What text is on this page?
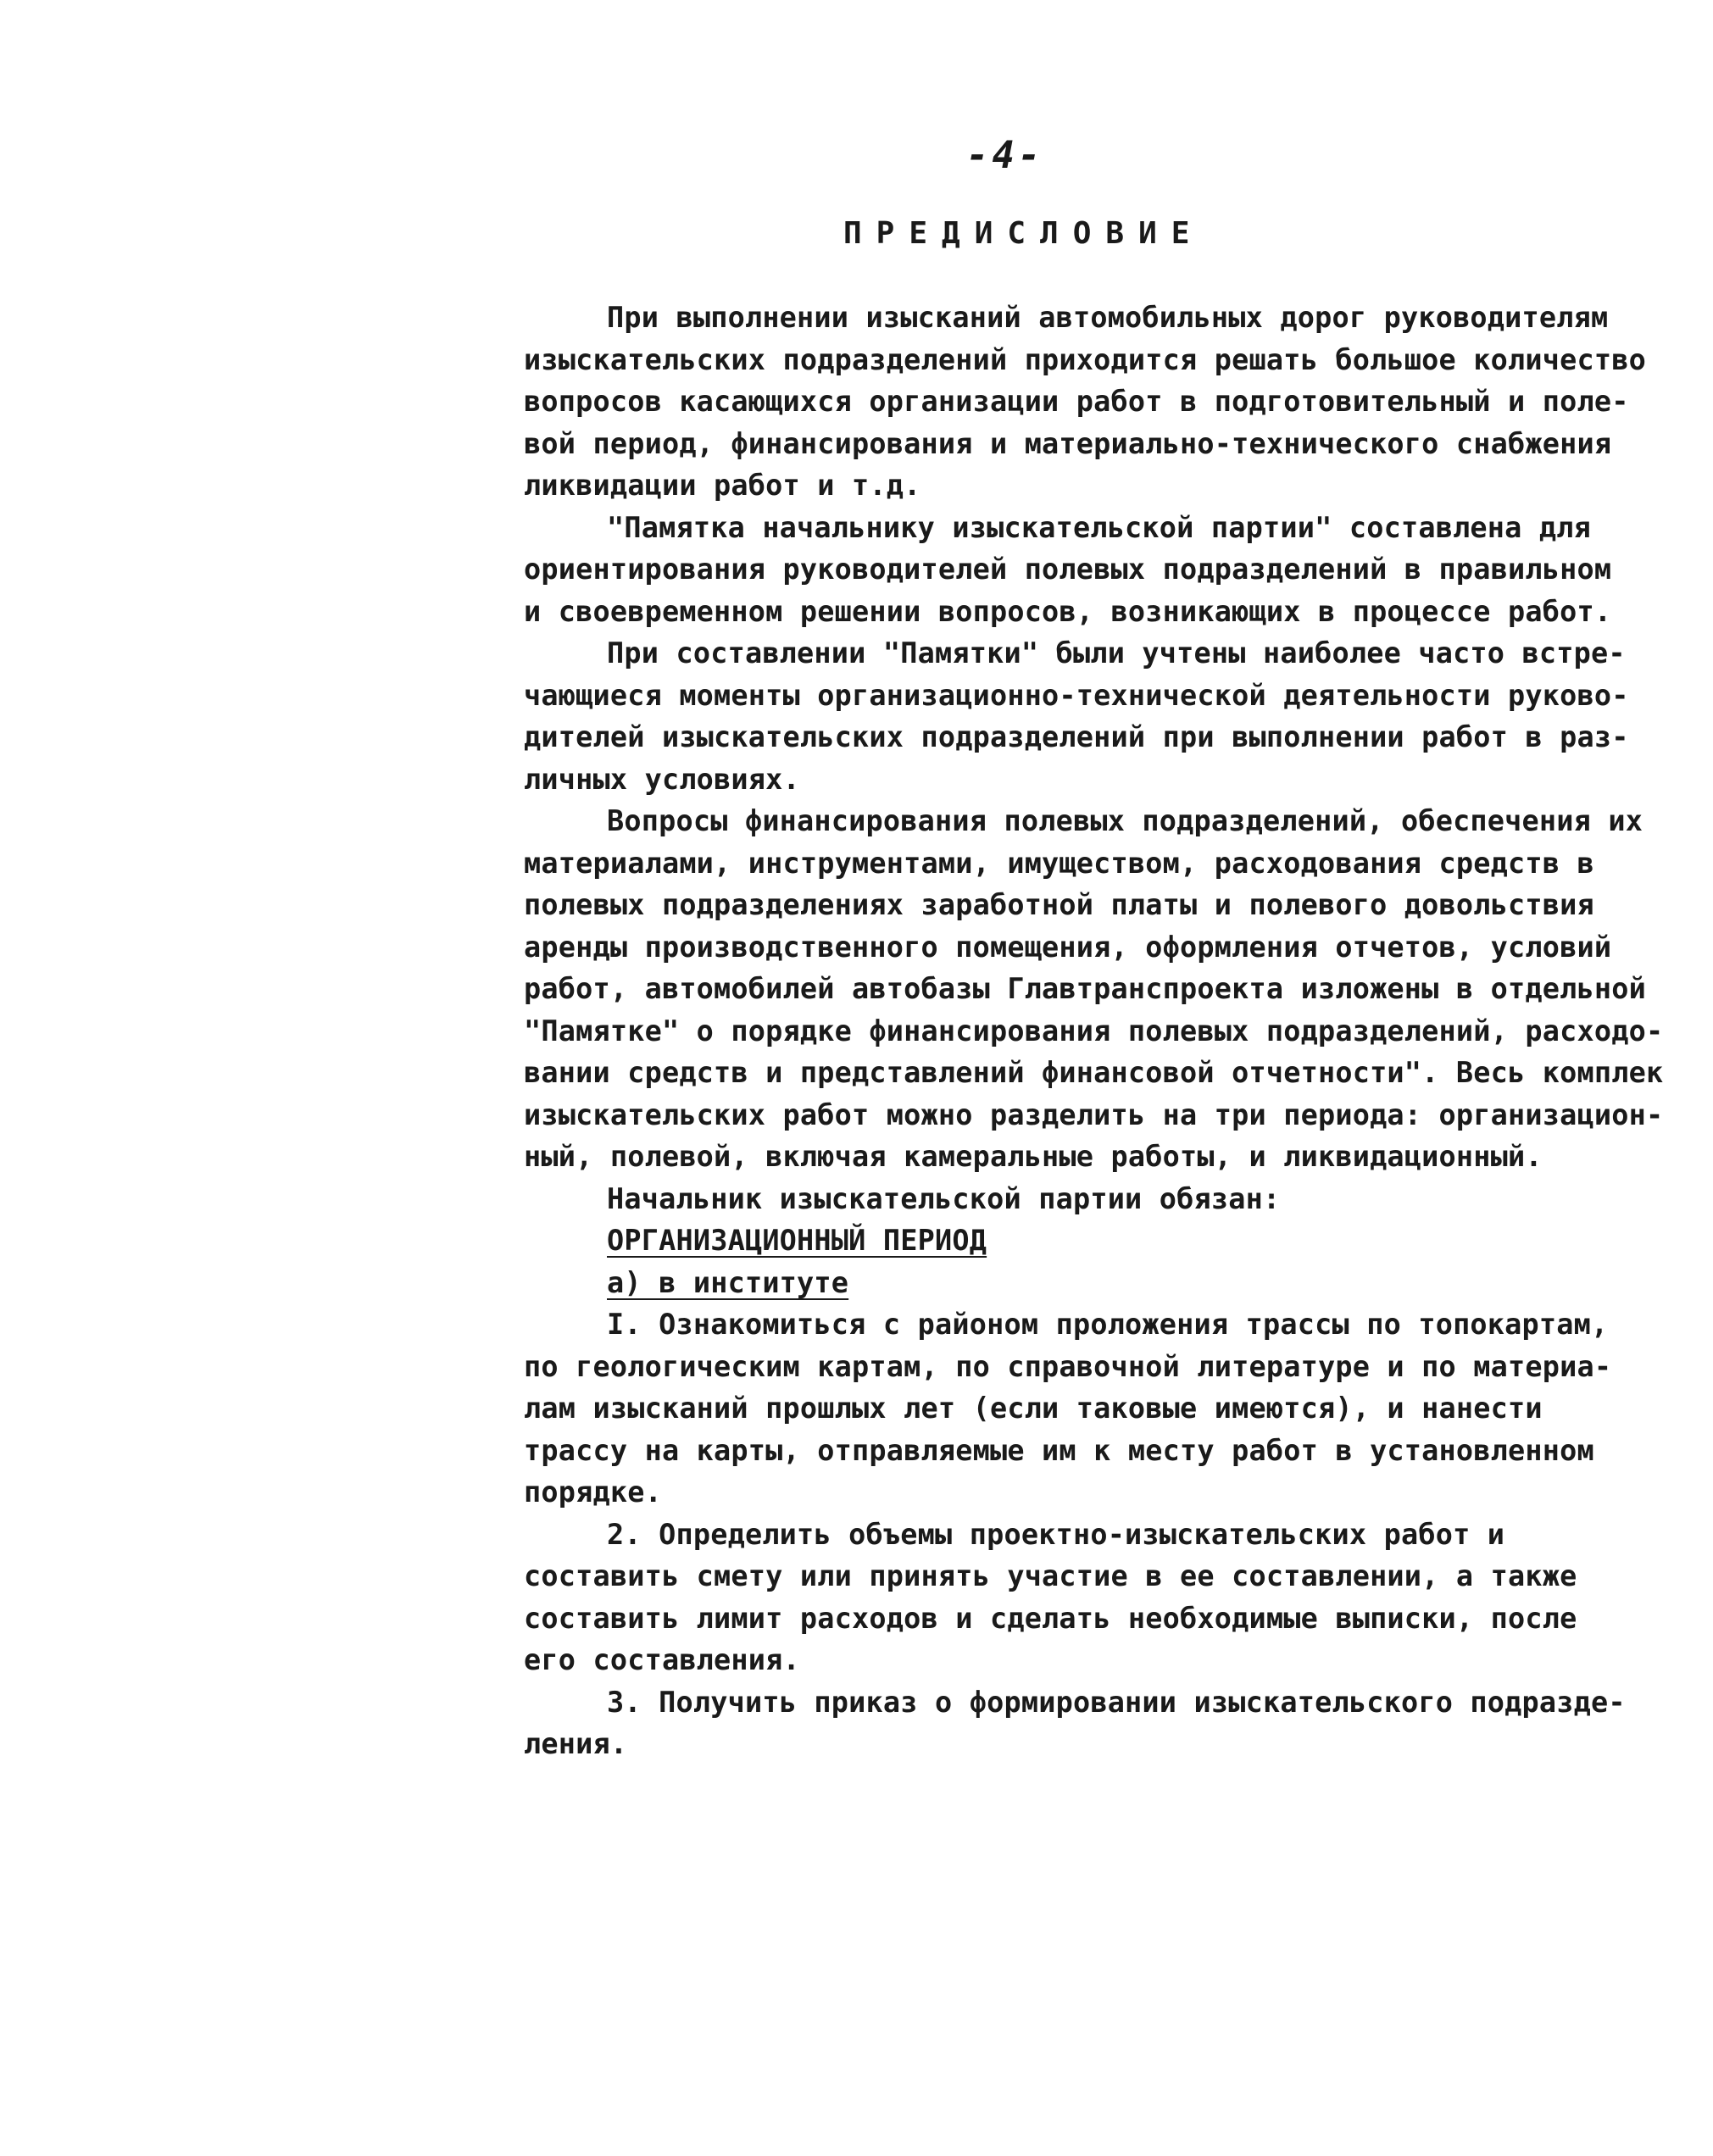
-4-
ПРЕДИСЛОВИЕ
При выполнении изысканий автомобильных дорог руководителям
изыскательских подразделений приходится решать большое количество
вопросов касающихся организации работ в подготовительный и поле-
вой период, финансирования и материально-технического снабжения
ликвидации работ и т.д.
"Памятка начальнику изыскательской партии" составлена для
ориентирования руководителей полевых подразделений в правильном
и своевременном решении вопросов, возникающих в процессе работ.
При составлении "Памятки" были учтены наиболее часто встре-
чающиеся моменты организационно-технической деятельности руково-
дителей изыскательских подразделений при выполнении работ в раз-
личных условиях.
Вопросы финансирования полевых подразделений, обеспечения их
материалами, инструментами, имуществом, расходования средств в
полевых подразделениях заработной платы и полевого довольствия
аренды производственного помещения, оформления отчетов, условий
работ, автомобилей автобазы Главтранспроекта изложены в отдельной
"Памятке" о порядке финансирования полевых подразделений, расходо-
вании средств и представлений финансовой отчетности". Весь комплек
изыскательских работ можно разделить на три периода: организацион-
ный, полевой, включая камеральные работы, и ликвидационный.
Начальник изыскательской партии обязан:
ОРГАНИЗАЦИОННЫЙ ПЕРИОД
а) в институте
I. Ознакомиться с районом проложения трассы по топокартам,
по геологическим картам, по справочной литературе и по материа-
лам изысканий прошлых лет (если таковые имеются), и нанести
трассу на карты, отправляемые им к месту работ в установленном
порядке.
2. Определить объемы проектно-изыскательских работ и
составить смету или принять участие в ее составлении, а также
составить лимит расходов и сделать необходимые выписки, после
его составления.
3. Получить приказ о формировании изыскательского подразде-
ления.
